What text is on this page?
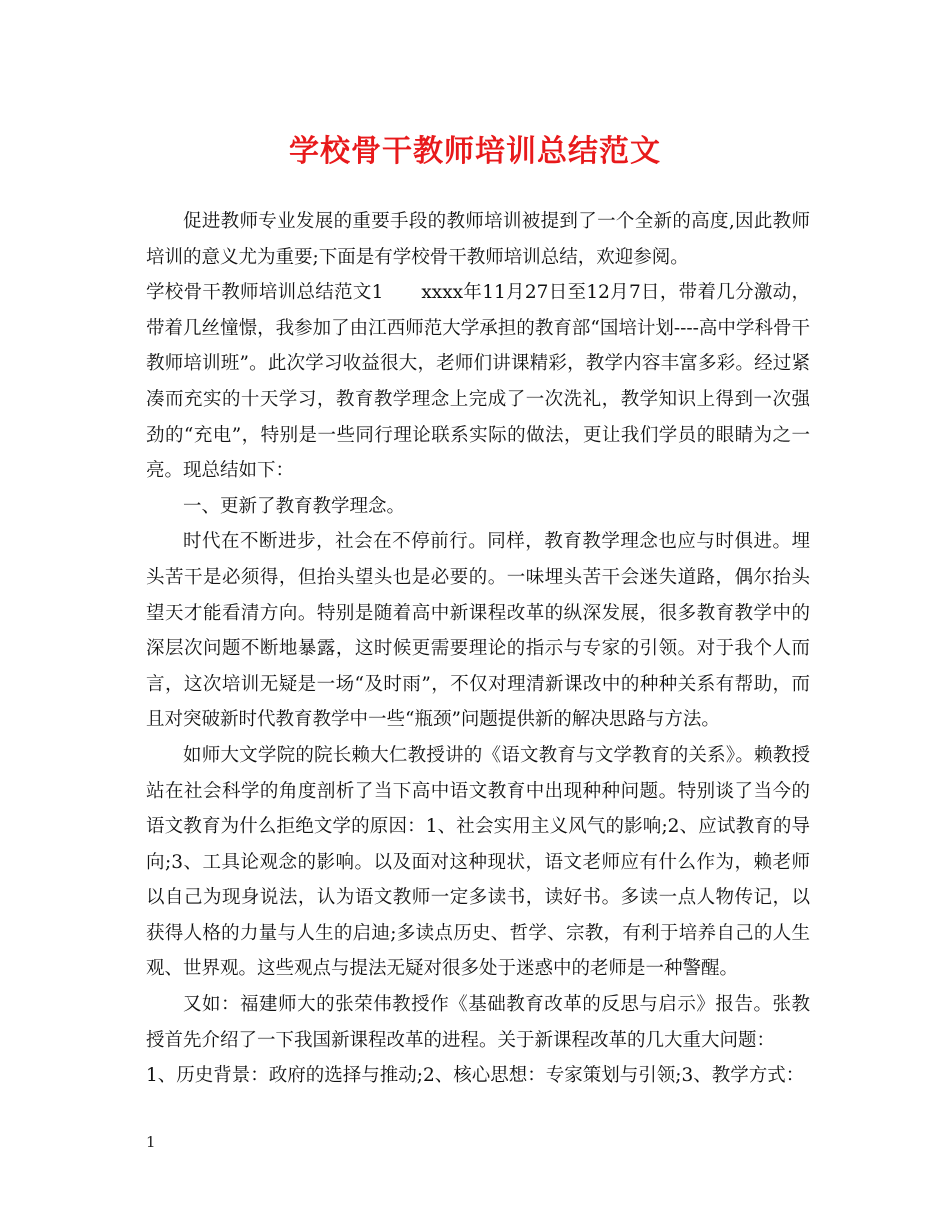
学校骨干教师培训总结范文

促进教师专业发展的重要手段的教师培训被提到了一个全新的高度,因此教师培训的意义尤为重要;下面是有学校骨干教师培训总结，欢迎参阅。

学校骨干教师培训总结范文1　　xxxx年11月27日至12月7日，带着几分激动，带着几丝憧憬，我参加了由江西师范大学承担的教育部“国培计划----高中学科骨干教师培训班”。此次学习收益很大，老师们讲课精彩，教学内容丰富多彩。经过紧凑而充实的十天学习，教育教学理念上完成了一次洗礼，教学知识上得到一次强劲的“充电”，特别是一些同行理论联系实际的做法，更让我们学员的眼睛为之一亮。现总结如下：

一、更新了教育教学理念。

时代在不断进步，社会在不停前行。同样，教育教学理念也应与时俱进。埋头苦干是必须得，但抬头望头也是必要的。一味埋头苦干会迷失道路，偶尔抬头望天才能看清方向。特别是随着高中新课程改革的纵深发展，很多教育教学中的深层次问题不断地暴露，这时候更需要理论的指示与专家的引领。对于我个人而言，这次培训无疑是一场“及时雨”，不仅对理清新课改中的种种关系有帮助，而且对突破新时代教育教学中一些“瓶颈”问题提供新的解决思路与方法。

如师大文学院的院长赖大仁教授讲的《语文教育与文学教育的关系》。赖教授站在社会科学的角度剖析了当下高中语文教育中出现种种问题。特别谈了当今的语文教育为什么拒绝文学的原因：1、社会实用主义风气的影响;2、应试教育的导向;3、工具论观念的影响。以及面对这种现状，语文老师应有什么作为，赖老师以自己为现身说法，认为语文教师一定多读书，读好书。多读一点人物传记，以获得人格的力量与人生的启迪;多读点历史、哲学、宗教，有利于培养自己的人生观、世界观。这些观点与提法无疑对很多处于迷惑中的老师是一种警醒。

又如：福建师大的张荣伟教授作《基础教育改革的反思与启示》报告。张教授首先介绍了一下我国新课程改革的进程。关于新课程改革的几大重大问题：

1、历史背景：政府的选择与推动;2、核心思想：专家策划与引领;3、教学方式：

1
